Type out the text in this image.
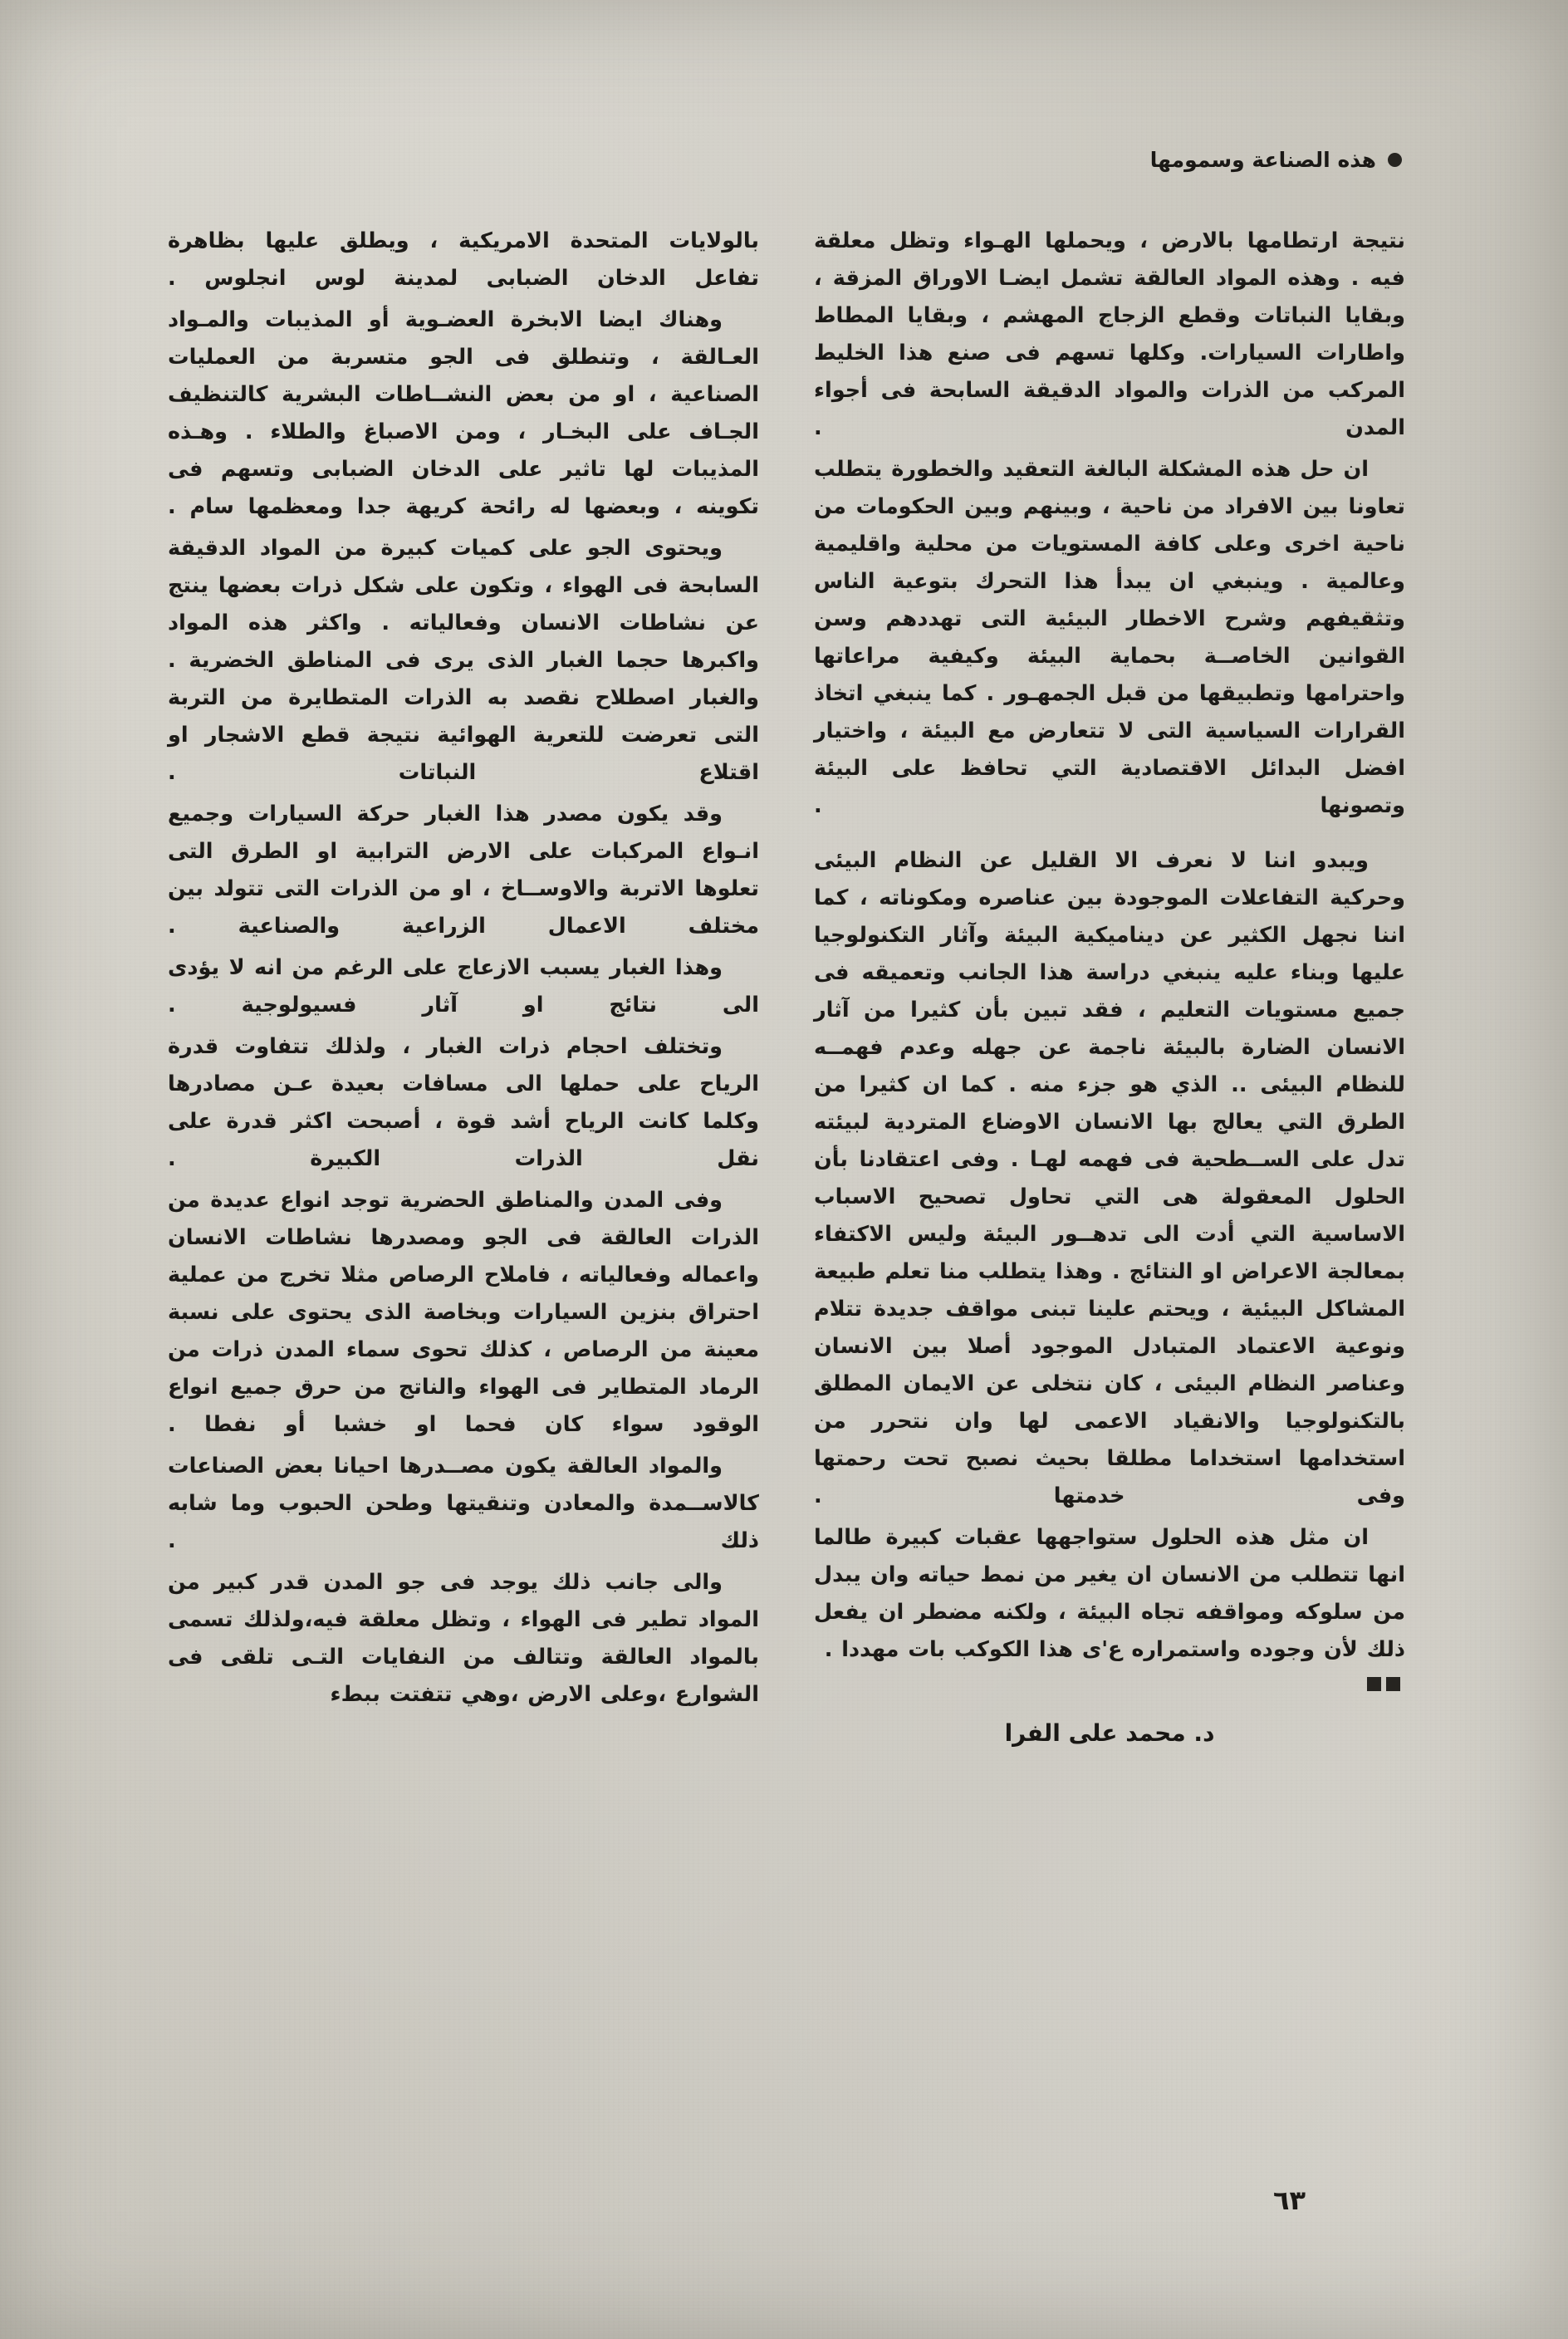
هذه الصناعة وسمومها

نتيجة ارتطامها بالارض ، ويحملها الهـواء وتظل معلقة فيه . وهذه المواد العالقة تشمل ايضـا الاوراق المزقة ، وبقايا النباتات وقطع الزجاج المهشم ، وبقايا المطاط واطارات السيارات. وكلها تسهم فى صنع هذا الخليط المركب من الذرات والمواد الدقيقة السابحة فى أجواء المدن .

ان حل هذه المشكلة البالغة التعقيد والخطورة يتطلب تعاونا بين الافراد من ناحية ، وبينهم وبين الحكومات من ناحية اخرى وعلى كافة المستويات من محلية واقليمية وعالمية . وينبغي ان يبدأ هذا التحرك بتوعية الناس وتثقيفهم وشرح الاخطار البيئية التى تهددهم وسن القوانين الخاصــة بحماية البيئة وكيفية مراعاتها واحترامها وتطبيقها من قبل الجمهـور . كما ينبغي اتخاذ القرارات السياسية التى لا تتعارض مع البيئة ، واختيار افضل البدائل الاقتصادية التي تحافظ على البيئة وتصونها .

ويبدو اننا لا نعرف الا القليل عن النظام البيئى وحركية التفاعلات الموجودة بين عناصره ومكوناته ، كما اننا نجهل الكثير عن ديناميكية البيئة وآثار التكنولوجيا عليها وبناء عليه ينبغي دراسة هذا الجانب وتعميقه فى جميع مستويات التعليم ، فقد تبين بأن كثيرا من آثار الانسان الضارة بالبيئة ناجمة عن جهله وعدم فهمــه للنظام البيئى .. الذي هو جزء منه . كما ان كثيرا من الطرق التي يعالج بها الانسان الاوضاع المتردية لبيئته تدل على الســطحية فى فهمه لهـا . وفى اعتقادنا بأن الحلول المعقولة هى التي تحاول تصحيح الاسباب الاساسية التي أدت الى تدهــور البيئة وليس الاكتفاء بمعالجة الاعراض او النتائج . وهذا يتطلب منا تعلم طبيعة المشاكل البيئية ، ويحتم علينا تبنى مواقف جديدة تتلام ونوعية الاعتماد المتبادل الموجود أصلا بين الانسان وعناصر النظام البيئى ، كان نتخلى عن الايمان المطلق بالتكنولوجيا والانقياد الاعمى لها وان نتحرر من استخدامها استخداما مطلقا بحيث نصبح تحت رحمتها وفى خدمتها .

ان مثل هذه الحلول ستواجهها عقبات كبيرة طالما انها تتطلب من الانسان ان يغير من نمط حياته وان يبدل من سلوكه ومواقفه تجاه البيئة ، ولكنه مضطر ان يفعل ذلك لأن وجوده واستمراره ع'ى هذا الكوكب بات مهددا .

د. محمد على الفرا

بالولايات المتحدة الامريكية ، ويطلق عليها بظاهرة تفاعل الدخان الضبابى لمدينة لوس انجلوس .

وهناك ايضا الابخرة العضـوية أو المذيبات والمـواد العـالقة ، وتنطلق فى الجو متسربة من العمليات الصناعية ، او من بعض النشــاطات البشرية كالتنظيف الجـاف على البخـار ، ومن الاصباغ والطلاء . وهـذه المذيبات لها تاثير على الدخان الضبابى وتسهم فى تكوينه ، وبعضها له رائحة كريهة جدا ومعظمها سام .

ويحتوى الجو على كميات كبيرة من المواد الدقيقة السابحة فى الهواء ، وتكون على شكل ذرات بعضها ينتج عن نشاطات الانسان وفعالياته . واكثر هذه المواد واكبرها حجما الغبار الذى يرى فى المناطق الخضرية . والغبار اصطلاح نقصد به الذرات المتطايرة من التربة التى تعرضت للتعرية الهوائية نتيجة قطع الاشجار او اقتلاع النباتات .

وقد يكون مصدر هذا الغبار حركة السيارات وجميع انـواع المركبات على الارض الترابية او الطرق التى تعلوها الاتربة والاوســاخ ، او من الذرات التى تتولد بين مختلف الاعمال الزراعية والصناعية .

وهذا الغبار يسبب الازعاج على الرغم من انه لا يؤدى الى نتائج او آثار فسيولوجية .

وتختلف احجام ذرات الغبار ، ولذلك تتفاوت قدرة الرياح على حملها الى مسافات بعيدة عـن مصادرها وكلما كانت الرياح أشد قوة ، أصبحت اكثر قدرة على نقل الذرات الكبيرة .

وفى المدن والمناطق الحضرية توجد انواع عديدة من الذرات العالقة فى الجو ومصدرها نشاطات الانسان واعماله وفعالياته ، فاملاح الرصاص مثلا تخرج من عملية احتراق بنزين السيارات وبخاصة الذى يحتوى على نسبة معينة من الرصاص ، كذلك تحوى سماء المدن ذرات من الرماد المتطاير فى الهواء والناتج من حرق جميع انواع الوقود سواء كان فحما او خشبا أو نفطا .

والمواد العالقة يكون مصــدرها احيانا بعض الصناعات كالاســمدة والمعادن وتنقيتها وطحن الحبوب وما شابه ذلك .

والى جانب ذلك يوجد فى جو المدن قدر كبير من المواد تطير فى الهواء ، وتظل معلقة فيه،ولذلك تسمى بالمواد العالقة وتتالف من النفايات التـى تلقى فى الشوارع ،وعلى الارض ،وهي تتفتت ببطء

٦٣
